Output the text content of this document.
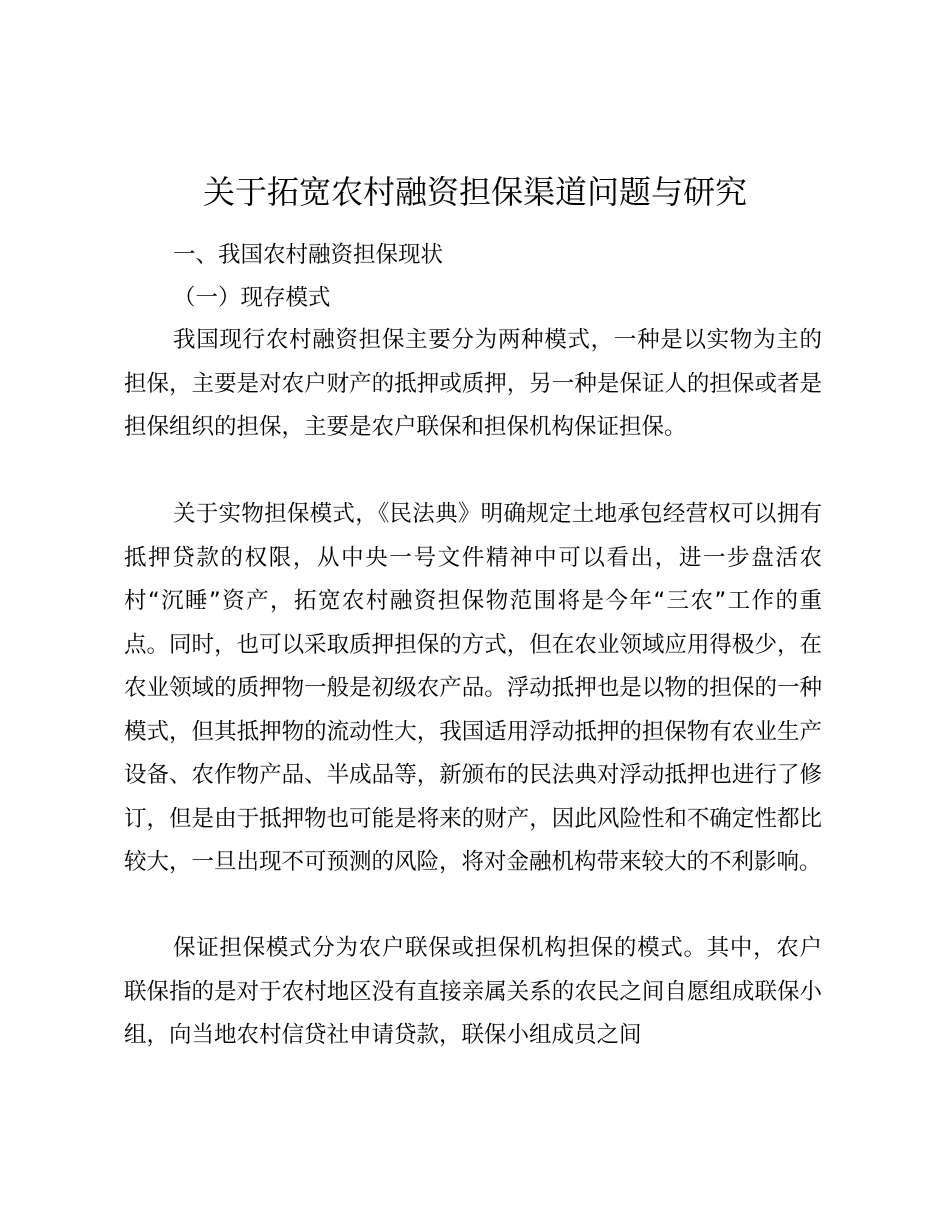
关于拓宽农村融资担保渠道问题与研究
一、我国农村融资担保现状
（一）现存模式

我国现行农村融资担保主要分为两种模式，一种是以实物为主的担保，主要是对农户财产的抵押或质押，另一种是保证人的担保或者是担保组织的担保，主要是农户联保和担保机构保证担保。

关于实物担保模式，《民法典》明确规定土地承包经营权可以拥有抵押贷款的权限，从中央一号文件精神中可以看出，进一步盘活农村“沉睡”资产，拓宽农村融资担保物范围将是今年“三农”工作的重点。同时，也可以采取质押担保的方式，但在农业领域应用得极少，在农业领域的质押物一般是初级农产品。浮动抵押也是以物的担保的一种模式，但其抵押物的流动性大，我国适用浮动抵押的担保物有农业生产设备、农作物产品、半成品等，新颁布的民法典对浮动抵押也进行了修订，但是由于抵押物也可能是将来的财产，因此风险性和不确定性都比较大，一旦出现不可预测的风险，将对金融机构带来较大的不利影响。

保证担保模式分为农户联保或担保机构担保的模式。其中，农户联保指的是对于农村地区没有直接亲属关系的农民之间自愿组成联保小组，向当地农村信贷社申请贷款，联保小组成员之间
